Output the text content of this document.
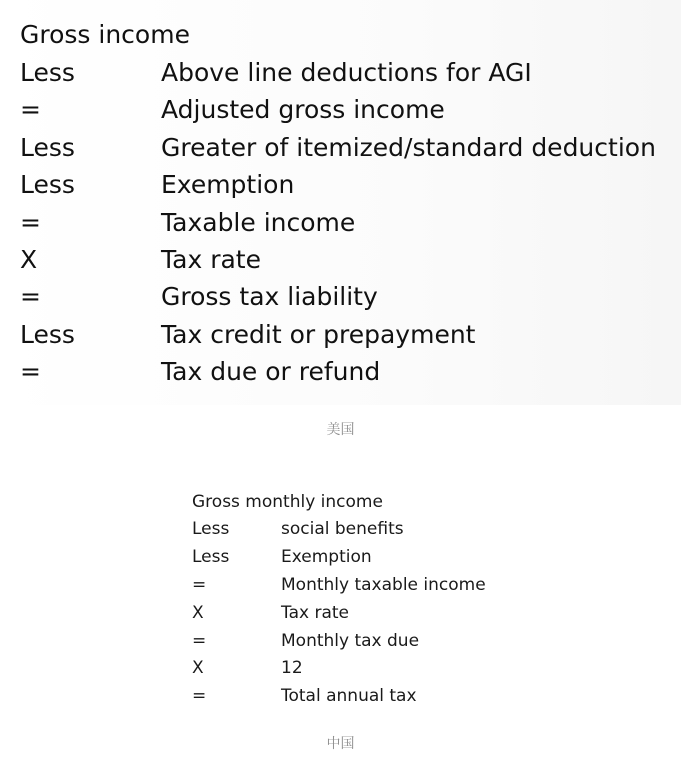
Gross income
Less	Above line deductions for AGI
=	Adjusted gross income
Less	Greater of itemized/standard deduction
Less	Exemption
=	Taxable income
X	Tax rate
=	Gross tax liability
Less	Tax credit or prepayment
=	Tax due or refund
美国
Gross monthly income
Less	social benefits
Less	Exemption
=	Monthly taxable income
X	Tax rate
=	Monthly tax due
X	12
=	Total annual tax
中国
